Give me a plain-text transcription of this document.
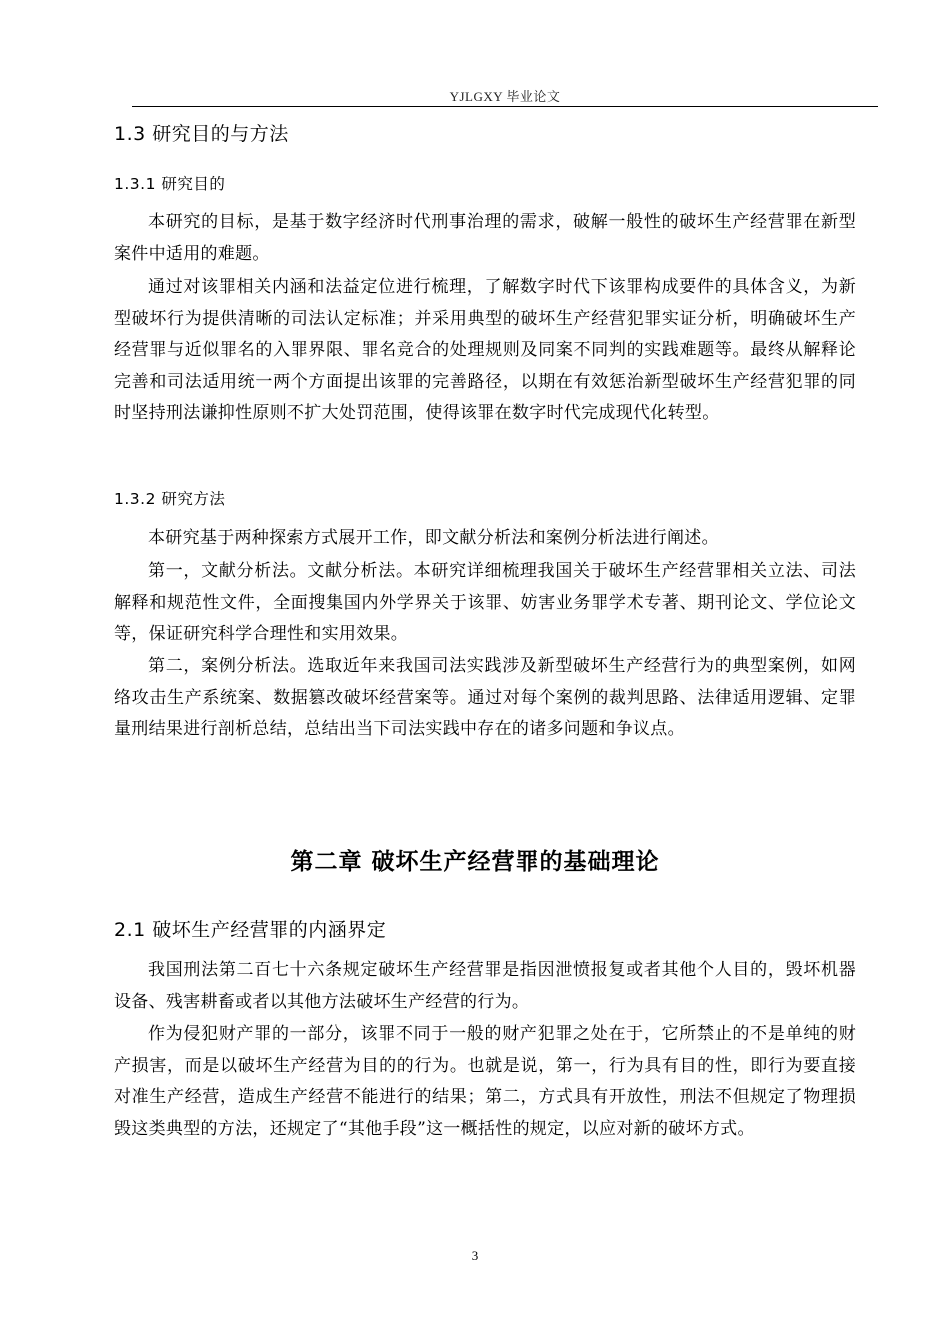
YJLGXY 毕业论文
1.3 研究目的与方法
1.3.1 研究目的

本研究的目标，是基于数字经济时代刑事治理的需求，破解一般性的破坏生产经营罪在新型案件中适用的难题。

通过对该罪相关内涵和法益定位进行梳理，了解数字时代下该罪构成要件的具体含义，为新型破坏行为提供清晰的司法认定标准；并采用典型的破坏生产经营犯罪实证分析，明确破坏生产经营罪与近似罪名的入罪界限、罪名竞合的处理规则及同案不同判的实践难题等。最终从解释论完善和司法适用统一两个方面提出该罪的完善路径，以期在有效惩治新型破坏生产经营犯罪的同时坚持刑法谦抑性原则不扩大处罚范围，使得该罪在数字时代完成现代化转型。

1.3.2 研究方法

本研究基于两种探索方式展开工作，即文献分析法和案例分析法进行阐述。

第一，文献分析法。文献分析法。本研究详细梳理我国关于破坏生产经营罪相关立法、司法解释和规范性文件，全面搜集国内外学界关于该罪、妨害业务罪学术专著、期刊论文、学位论文等，保证研究科学合理性和实用效果。

第二，案例分析法。选取近年来我国司法实践涉及新型破坏生产经营行为的典型案例，如网络攻击生产系统案、数据篡改破坏经营案等。通过对每个案例的裁判思路、法律适用逻辑、定罪量刑结果进行剖析总结，总结出当下司法实践中存在的诸多问题和争议点。

第二章 破坏生产经营罪的基础理论
2.1 破坏生产经营罪的内涵界定

我国刑法第二百七十六条规定破坏生产经营罪是指因泄愤报复或者其他个人目的，毁坏机器设备、残害耕畜或者以其他方法破坏生产经营的行为。

作为侵犯财产罪的一部分，该罪不同于一般的财产犯罪之处在于，它所禁止的不是单纯的财产损害，而是以破坏生产经营为目的的行为。也就是说，第一，行为具有目的性，即行为要直接对准生产经营，造成生产经营不能进行的结果；第二，方式具有开放性，刑法不但规定了物理损毁这类典型的方法，还规定了“其他手段”这一概括性的规定，以应对新的破坏方式。

3
